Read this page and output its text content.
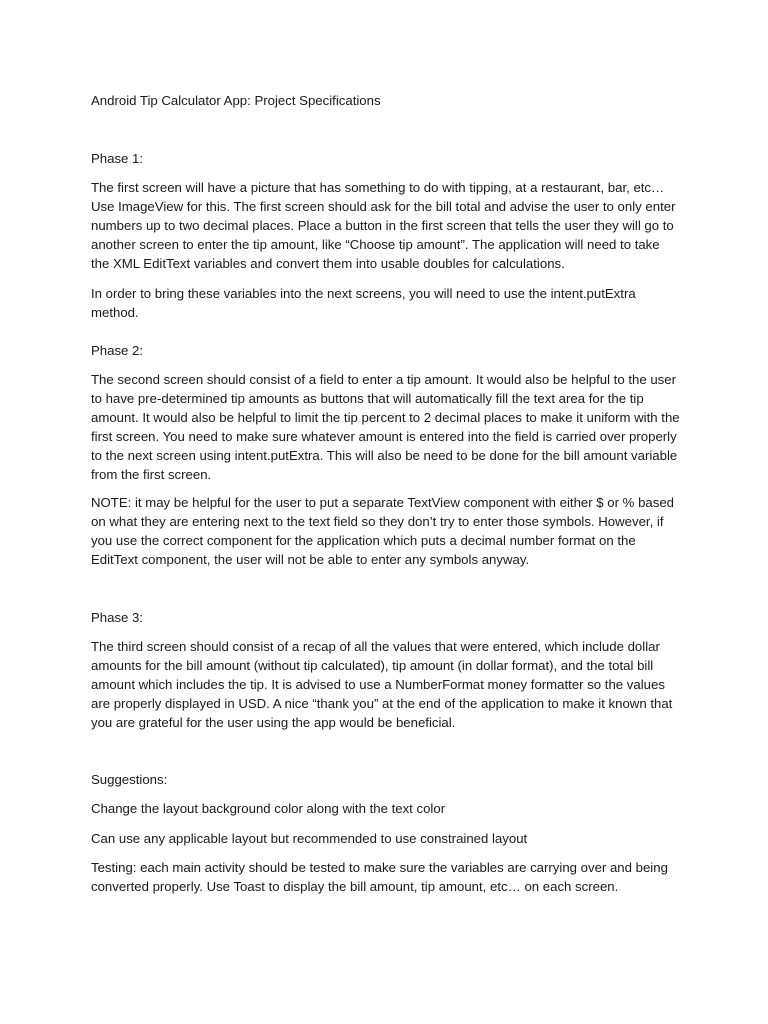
Android Tip Calculator App: Project Specifications
Phase 1:

The first screen will have a picture that has something to do with tipping, at a restaurant, bar, etc… Use ImageView for this. The first screen should ask for the bill total and advise the user to only enter numbers up to two decimal places. Place a button in the first screen that tells the user they will go to another screen to enter the tip amount, like “Choose tip amount”. The application will need to take the XML EditText variables and convert them into usable doubles for calculations.

In order to bring these variables into the next screens, you will need to use the intent.putExtra method.

Phase 2:

The second screen should consist of a field to enter a tip amount. It would also be helpful to the user to have pre-determined tip amounts as buttons that will automatically fill the text area for the tip amount. It would also be helpful to limit the tip percent to 2 decimal places to make it uniform with the first screen. You need to make sure whatever amount is entered into the field is carried over properly to the next screen using intent.putExtra. This will also be need to be done for the bill amount variable from the first screen.

NOTE: it may be helpful for the user to put a separate TextView component with either $ or % based on what they are entering next to the text field so they don’t try to enter those symbols. However, if you use the correct component for the application which puts a decimal number format on the EditText component, the user will not be able to enter any symbols anyway.

Phase 3:

The third screen should consist of a recap of all the values that were entered, which include dollar amounts for the bill amount (without tip calculated), tip amount (in dollar format), and the total bill amount which includes the tip. It is advised to use a NumberFormat money formatter so the values are properly displayed in USD. A nice “thank you” at the end of the application to make it known that you are grateful for the user using the app would be beneficial.

Suggestions:

Change the layout background color along with the text color

Can use any applicable layout but recommended to use constrained layout

Testing: each main activity should be tested to make sure the variables are carrying over and being converted properly. Use Toast to display the bill amount, tip amount, etc… on each screen.
